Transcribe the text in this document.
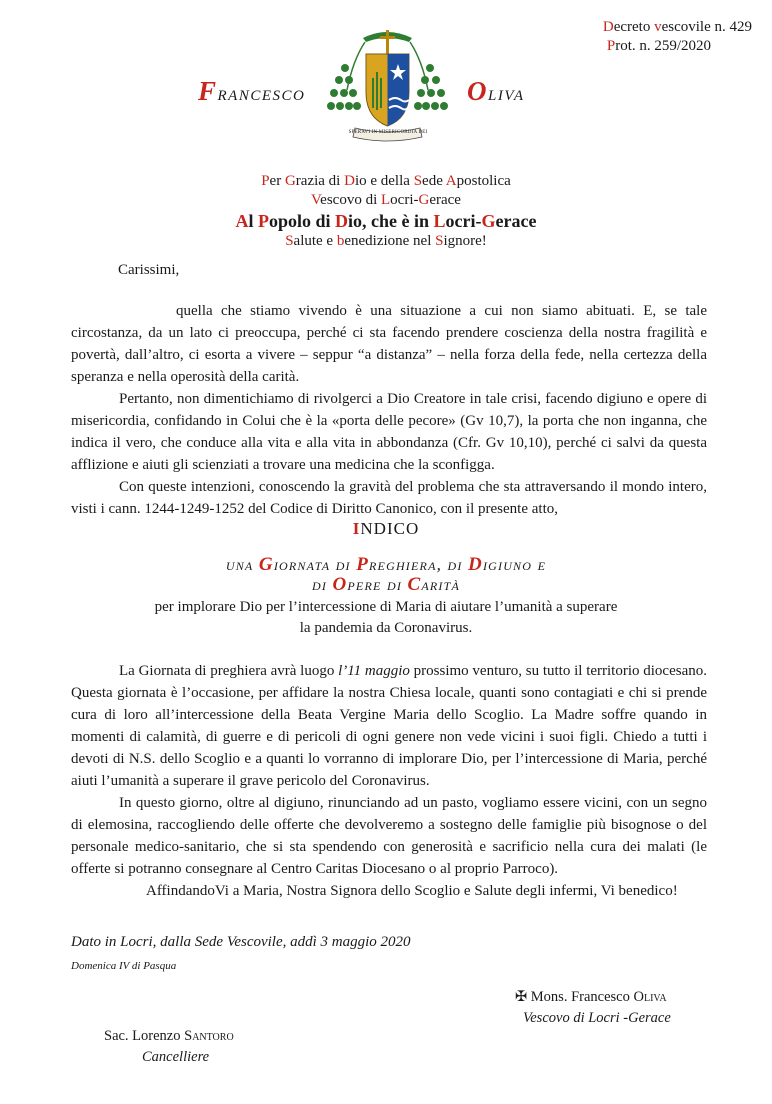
Decreto vescovile n. 429
Prot. n. 259/2020
Francesco	Oliva
SPERAVI IN MISERICORDIA DEI
Per Grazia di Dio e della Sede Apostolica
Vescovo di Locri-Gerace
Al Popolo di Dio, che è in Locri-Gerace
Salute e benedizione nel Signore!
Carissimi,

quella che stiamo vivendo è una situazione a cui non siamo abituati. E, se tale circostanza, da un lato ci preoccupa, perché ci sta facendo prendere coscienza della nostra fragilità e povertà, dall’altro, ci esorta a vivere – seppur “a distanza” – nella forza della fede, nella certezza della speranza e nella operosità della carità.

Pertanto, non dimentichiamo di rivolgerci a Dio Creatore in tale crisi, facendo digiuno e opere di misericordia, confidando in Colui che è la «porta delle pecore» (Gv 10,7), la porta che non inganna, che indica il vero, che conduce alla vita e alla vita in abbondanza (Cfr. Gv 10,10), perché ci salvi da questa afflizione e aiuti gli scienziati a trovare una medicina che la sconfigga.

Con queste intenzioni, conoscendo la gravità del problema che sta attraversando il mondo intero, visti i cann. 1244-1249-1252 del Codice di Diritto Canonico, con il presente atto,

INDICO
una Giornata di Preghiera, di Digiuno e
di Opere di Carità
per implorare Dio per l’intercessione di Maria di aiutare l’umanità a superare
la pandemia da Coronavirus.

La Giornata di preghiera avrà luogo l’11 maggio prossimo venturo, su tutto il territorio diocesano. Questa giornata è l’occasione, per affidare la nostra Chiesa locale, quanti sono contagiati e chi si prende cura di loro all’intercessione della Beata Vergine Maria dello Scoglio. La Madre soffre quando in momenti di calamità, di guerre e di pericoli di ogni genere non vede vicini i suoi figli. Chiedo a tutti i devoti di N.S. dello Scoglio e a quanti lo vorranno di implorare Dio, per l’intercessione di Maria, perché aiuti l’umanità a superare il grave pericolo del Coronavirus.

In questo giorno, oltre al digiuno, rinunciando ad un pasto, vogliamo essere vicini, con un segno di elemosina, raccogliendo delle offerte che devolveremo a sostegno delle famiglie più bisognose o del personale medico-sanitario, che si sta spendendo con generosità e sacrificio nella cura dei malati (le offerte si potranno consegnare al Centro Caritas Diocesano o al proprio Parroco).

AffindandoVi a Maria, Nostra Signora dello Scoglio e Salute degli infermi, Vi benedico!

Dato in Locri, dalla Sede Vescovile, addì 3 maggio 2020
Domenica IV di Pasqua
✠ Mons. Francesco Oliva
Vescovo di Locri -Gerace
Sac. Lorenzo Santoro
Cancelliere
